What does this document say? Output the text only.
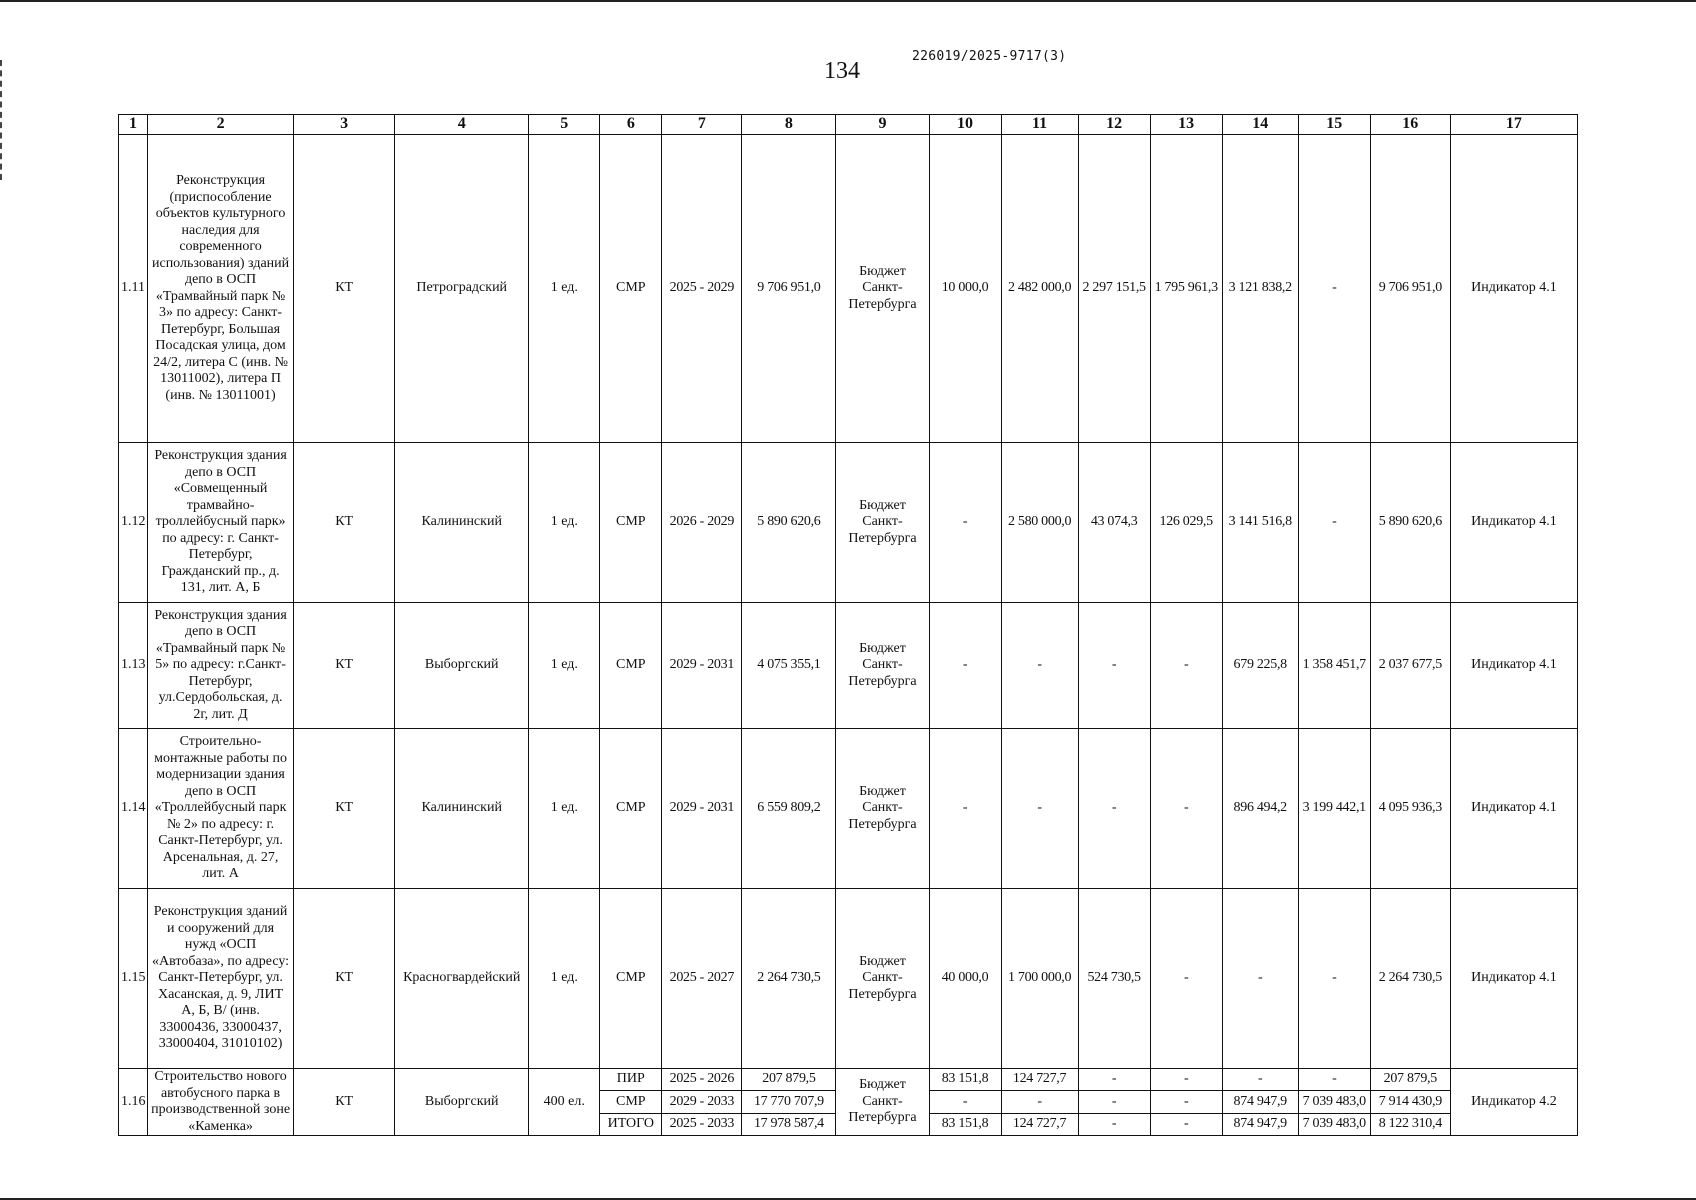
134
226019/2025-9717(3)
1	2	3	4	5	6	7	8	9	10	11	12	13	14	15	16	17
1.11	Реконструкция (приспособление объектов культурного наследия для современного использования) зданий депо в ОСП «Трамвайный парк № 3» по адресу: Санкт-Петербург, Большая Посадская улица, дом 24/2, литера С (инв. № 13011002), литера П (инв. № 13011001)	КТ	Петроградский	1 ед.	СМР	2025 - 2029	9 706 951,0	Бюджет Санкт-Петербурга	10 000,0	2 482 000,0	2 297 151,5	1 795 961,3	3 121 838,2	-	9 706 951,0	Индикатор 4.1
1.12	Реконструкция здания депо в ОСП «Совмещенный трамвайно-троллейбусный парк» по адресу: г. Санкт-Петербург, Гражданский пр., д. 131, лит. А, Б	КТ	Калининский	1 ед.	СМР	2026 - 2029	5 890 620,6	Бюджет Санкт-Петербурга	-	2 580 000,0	43 074,3	126 029,5	3 141 516,8	-	5 890 620,6	Индикатор 4.1
1.13	Реконструкция здания депо в ОСП «Трамвайный парк № 5» по адресу: г.Санкт-Петербург, ул.Сердобольская, д. 2г, лит. Д	КТ	Выборгский	1 ед.	СМР	2029 - 2031	4 075 355,1	Бюджет Санкт-Петербурга	-	-	-	-	679 225,8	1 358 451,7	2 037 677,5	Индикатор 4.1
1.14	Строительно-монтажные работы по модернизации здания депо в ОСП «Троллейбусный парк № 2» по адресу: г. Санкт-Петербург, ул. Арсенальная, д. 27, лит. А	КТ	Калининский	1 ед.	СМР	2029 - 2031	6 559 809,2	Бюджет Санкт-Петербурга	-	-	-	-	896 494,2	3 199 442,1	4 095 936,3	Индикатор 4.1
1.15	Реконструкция зданий и сооружений для нужд «ОСП «Автобаза», по адресу: Санкт-Петербург, ул. Хасанская, д. 9, ЛИТ А, Б, В/ (инв. 33000436, 33000437, 33000404, 31010102)	КТ	Красногвардейский	1 ед.	СМР	2025 - 2027	2 264 730,5	Бюджет Санкт-Петербурга	40 000,0	1 700 000,0	524 730,5	-	-	-	2 264 730,5	Индикатор 4.1
1.16	Строительство нового автобусного парка в производственной зоне «Каменка»	КТ	Выборгский	400 ел.	ПИР	2025 - 2026	207 879,5	Бюджет Санкт-Петербурга	83 151,8	124 727,7	-	-	-	-	207 879,5	Индикатор 4.2
					СМР	2029 - 2033	17 770 707,9		-	-	-	-	874 947,9	7 039 483,0	7 914 430,9	
					ИТОГО	2025 - 2033	17 978 587,4		83 151,8	124 727,7	-	-	874 947,9	7 039 483,0	8 122 310,4	
